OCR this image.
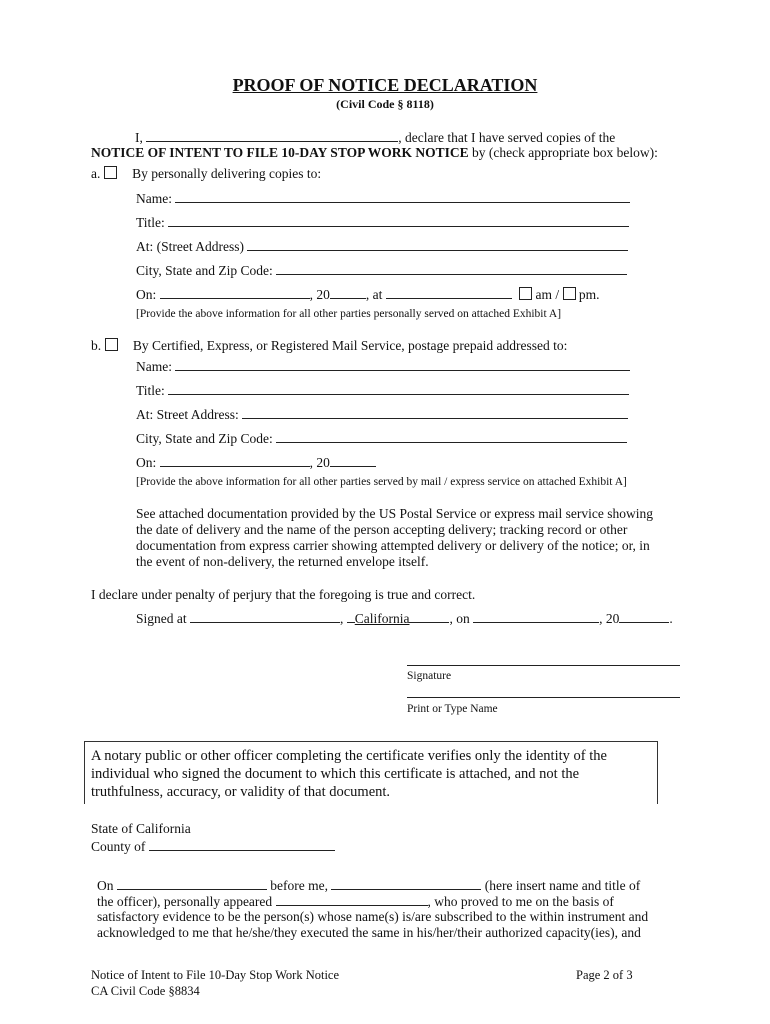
PROOF OF NOTICE DECLARATION
(Civil Code § 8118)
I,	, declare that I have served copies of the
NOTICE OF INTENT TO FILE 10-DAY STOP WORK NOTICE by (check appropriate box below):
a. By personally delivering copies to:
Name:
Title:
At: (Street Address)
City, State and Zip Code:
On:	, 20	, at	am / pm.
[Provide the above information for all other parties personally served on attached Exhibit A]
b. By Certified, Express, or Registered Mail Service, postage prepaid addressed to:
Name:
Title:
At: Street Address:
City, State and Zip Code:
On:	, 20
[Provide the above information for all other parties served by mail / express service on attached Exhibit A]
See attached documentation provided by the US Postal Service or express mail service showing
the date of delivery and the name of the person accepting delivery; tracking record or other
documentation from express carrier showing attempted delivery or delivery of the notice; or, in
the event of non-delivery, the returned envelope itself.
I declare under penalty of perjury that the foregoing is true and correct.
Signed at	, California	, on	, 20	.
Signature
Print or Type Name
A notary public or other officer completing the certificate verifies only the identity of the
individual who signed the document to which this certificate is attached, and not the
truthfulness, accuracy, or validity of that document.
State of California
County of
On	before me,	(here insert name and title of
the officer), personally appeared	, who proved to me on the basis of
satisfactory evidence to be the person(s) whose name(s) is/are subscribed to the within instrument and
acknowledged to me that he/she/they executed the same in his/her/their authorized capacity(ies), and
Notice of Intent to File 10-Day Stop Work Notice
CA Civil Code §8834
Page 2 of 3
